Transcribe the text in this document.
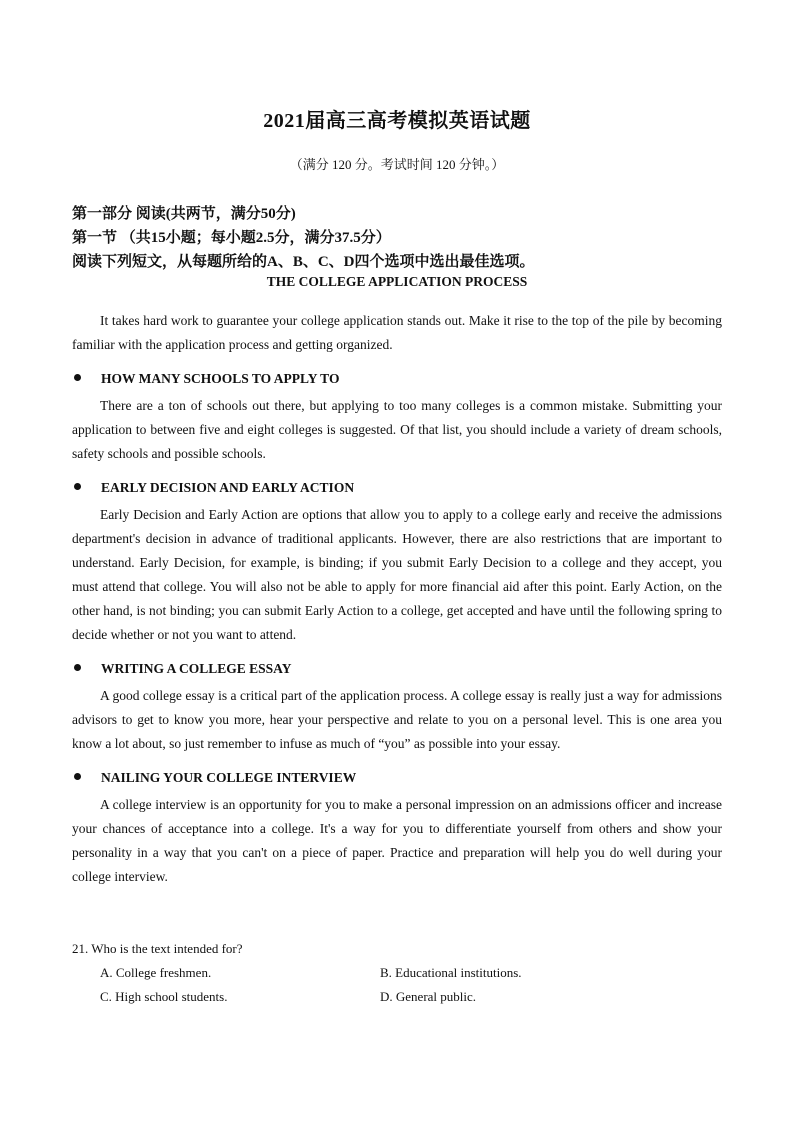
2021届高三高考模拟英语试题
（满分 120 分。考试时间 120 分钟。）
第一部分 阅读(共两节，满分50分)
第一节 （共15小题；每小题2.5分，满分37.5分）
阅读下列短文，从每题所给的A、B、C、D四个选项中选出最佳选项。
THE COLLEGE APPLICATION PROCESS
It takes hard work to guarantee your college application stands out. Make it rise to the top of the pile by becoming familiar with the application process and getting organized.
HOW MANY SCHOOLS TO APPLY TO
There are a ton of schools out there, but applying to too many colleges is a common mistake. Submitting your application to between five and eight colleges is suggested. Of that list, you should include a variety of dream schools, safety schools and possible schools.
EARLY DECISION AND EARLY ACTION
Early Decision and Early Action are options that allow you to apply to a college early and receive the admissions department's decision in advance of traditional applicants. However, there are also restrictions that are important to understand. Early Decision, for example, is binding; if you submit Early Decision to a college and they accept, you must attend that college. You will also not be able to apply for more financial aid after this point. Early Action, on the other hand, is not binding; you can submit Early Action to a college, get accepted and have until the following spring to decide whether or not you want to attend.
WRITING A COLLEGE ESSAY
A good college essay is a critical part of the application process. A college essay is really just a way for admissions advisors to get to know you more, hear your perspective and relate to you on a personal level. This is one area you know a lot about, so just remember to infuse as much of “you” as possible into your essay.
NAILING YOUR COLLEGE INTERVIEW
A college interview is an opportunity for you to make a personal impression on an admissions officer and increase your chances of acceptance into a college. It's a way for you to differentiate yourself from others and show your personality in a way that you can't on a piece of paper. Practice and preparation will help you do well during your college interview.
21. Who is the text intended for?
A. College freshmen.	B. Educational institutions.
C. High school students.	D. General public.
